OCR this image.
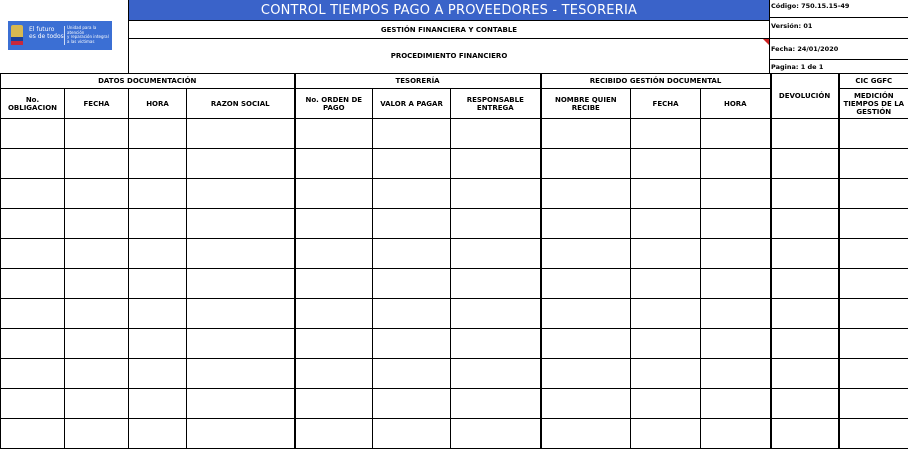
El futuro
es de todos
Unidad para la atención
y reparación integral
a las víctimas
CONTROL TIEMPOS PAGO A PROVEEDORES - TESORERIA
GESTIÓN FINANCIERA Y CONTABLE
PROCEDIMIENTO FINANCIERO
Código: 750.15.15-49
Versión: 01
Fecha: 24/01/2020
Pagina: 1 de 1
DATOS DOCUMENTACIÓN				TESORERÍA			RECIBIDO GESTIÓN DOCUMENTAL			DEVOLUCIÓN	CIC GGFC
No. OBLIGACION	FECHA	HORA	RAZON SOCIAL	No. ORDEN DE PAGO	VALOR A PAGAR	RESPONSABLE ENTREGA	NOMBRE QUIEN RECIBE	FECHA	HORA		MEDICIÓN TIEMPOS DE LA GESTIÓN
